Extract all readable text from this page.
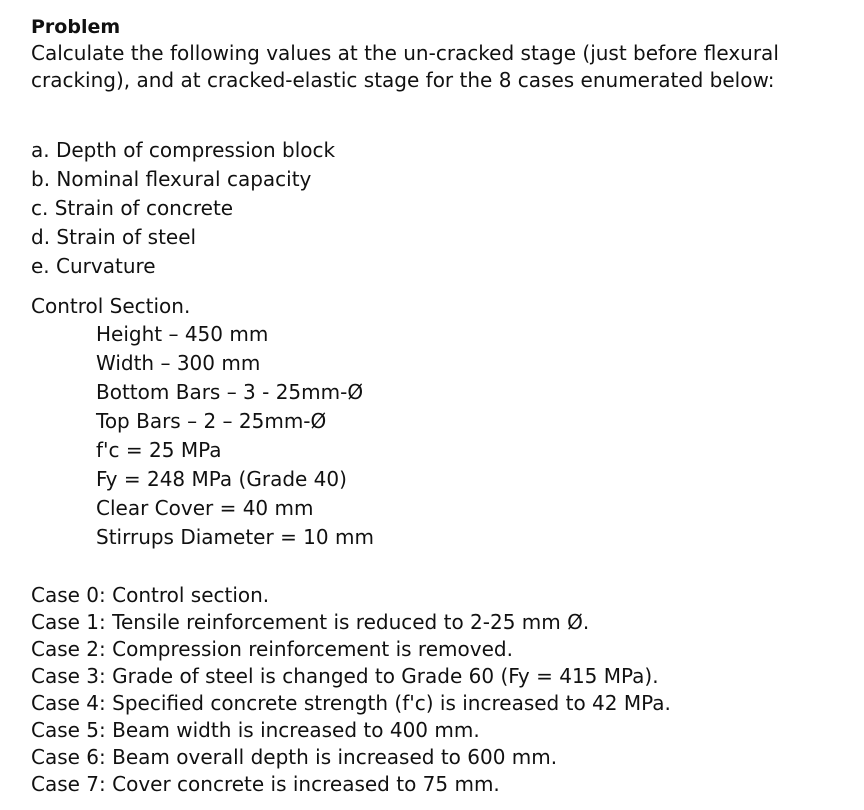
Problem

Calculate the following values at the un-cracked stage (just before flexural
cracking), and at cracked-elastic stage for the 8 cases enumerated below:

a. Depth of compression block
b. Nominal flexural capacity
c. Strain of concrete
d. Strain of steel
e. Curvature

Control Section.

Height – 450 mm
Width – 300 mm
Bottom Bars – 3 - 25mm-Ø
Top Bars – 2 – 25mm-Ø
f'c = 25 MPa
Fy = 248 MPa (Grade 40)
Clear Cover = 40 mm
Stirrups Diameter = 10 mm
Case 0: Control section.
Case 1: Tensile reinforcement is reduced to 2-25 mm Ø.
Case 2: Compression reinforcement is removed.
Case 3: Grade of steel is changed to Grade 60 (Fy = 415 MPa).
Case 4: Specified concrete strength (f'c) is increased to 42 MPa.
Case 5: Beam width is increased to 400 mm.
Case 6: Beam overall depth is increased to 600 mm.
Case 7: Cover concrete is increased to 75 mm.
